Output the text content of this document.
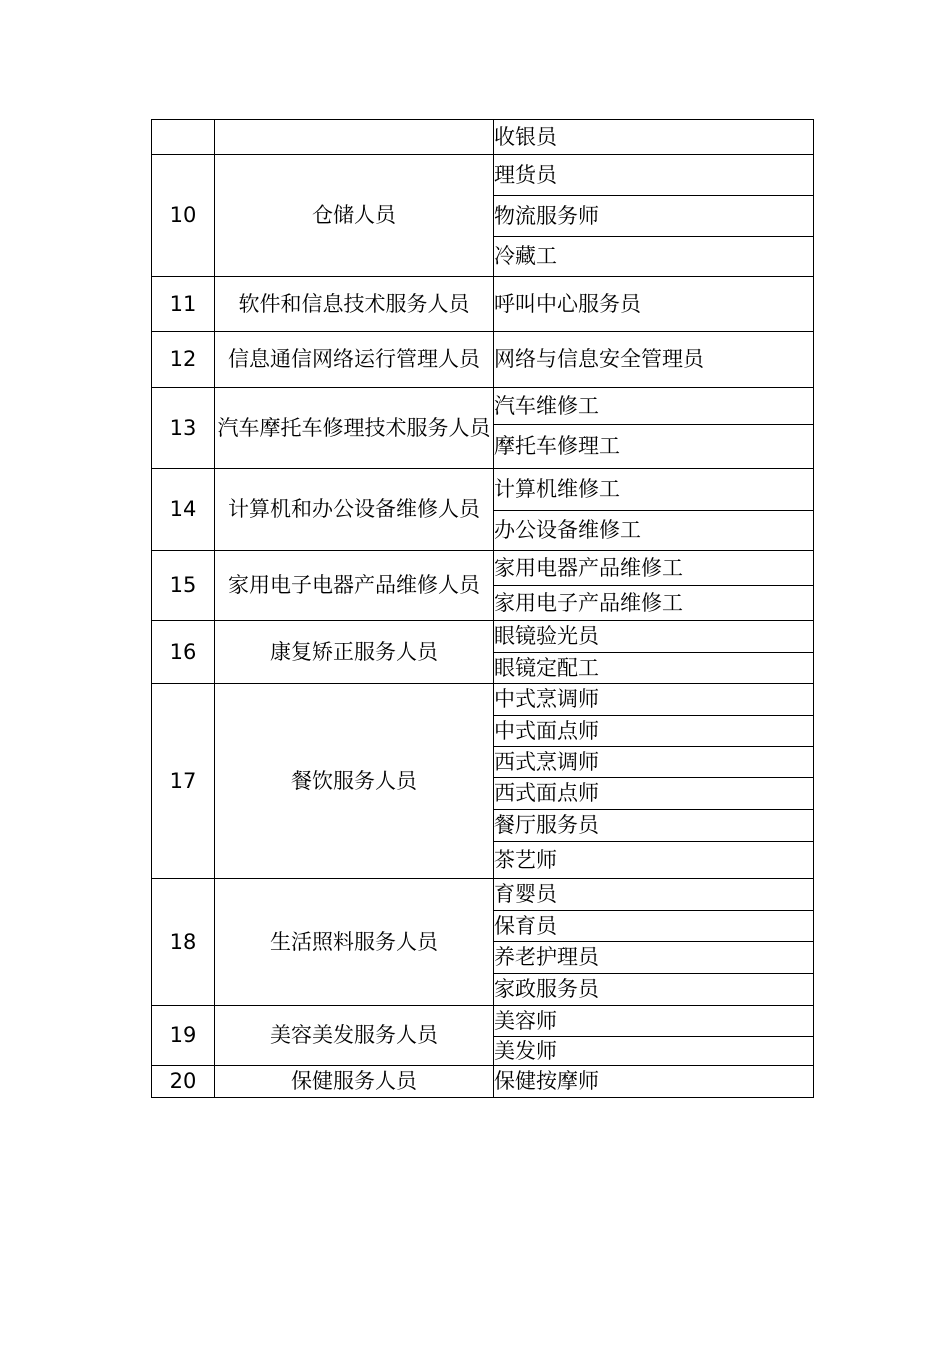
		收银员
10	仓储人员	理货员
		物流服务师
		冷藏工
11	软件和信息技术服务人员	呼叫中心服务员
12	信息通信网络运行管理人员	网络与信息安全管理员
13	汽车摩托车修理技术服务人员	汽车维修工
		摩托车修理工
14	计算机和办公设备维修人员	计算机维修工
		办公设备维修工
15	家用电子电器产品维修人员	家用电器产品维修工
		家用电子产品维修工
16	康复矫正服务人员	眼镜验光员
		眼镜定配工
17	餐饮服务人员	中式烹调师
		中式面点师
		西式烹调师
		西式面点师
		餐厅服务员
		茶艺师
18	生活照料服务人员	育婴员
		保育员
		养老护理员
		家政服务员
19	美容美发服务人员	美容师
		美发师
20	保健服务人员	保健按摩师
